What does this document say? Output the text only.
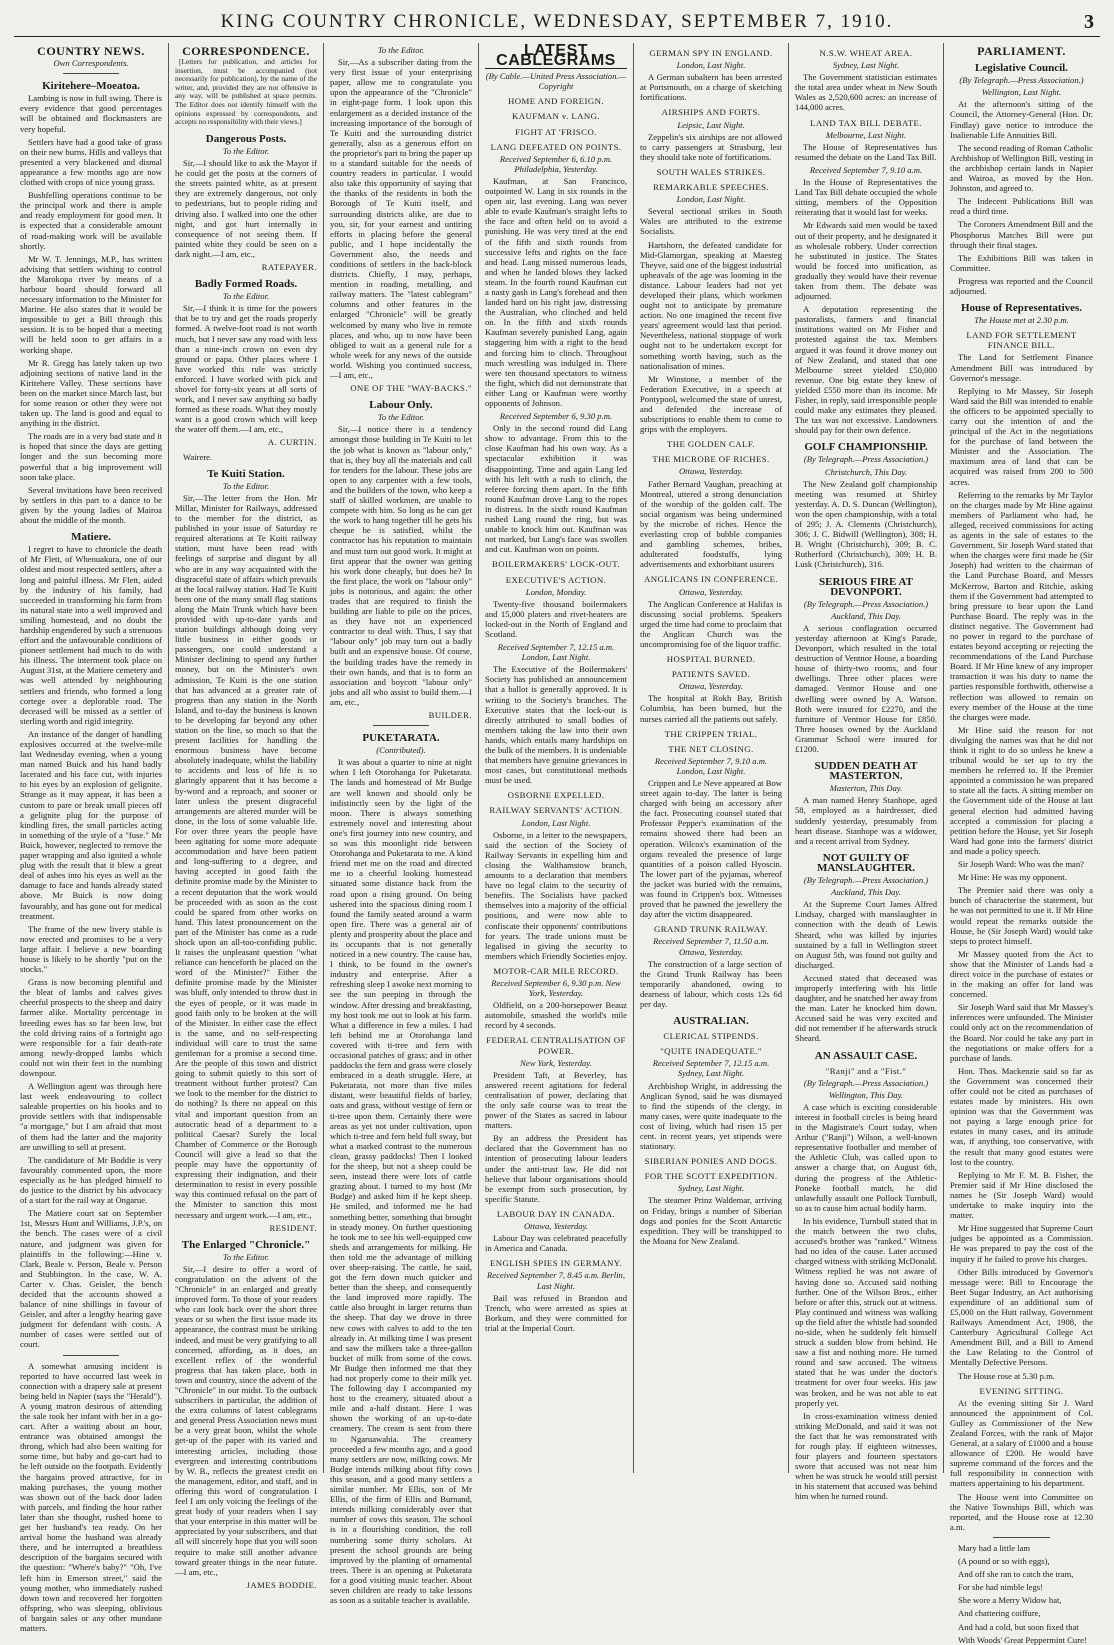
KING COUNTRY CHRONICLE, WEDNESDAY, SEPTEMBER 7, 1910.	3
COUNTRY NEWS.

Own Correspondents.

Kiritehere–Moeatoa.

Lambing is now in full swing. There is every evidence that good percentages will be obtained and flockmasters are very hopeful.

Settlers have had a good take of grass on their new burns. Hills and valleys that presented a very blackened and dismal appearance a few months ago are now clothed with crops of nice young grass.

Bushfelling operations continue to be the principal work and there is ample and ready employment for good men. It is expected that a considerable amount of road-making work will be available shortly.

Mr W. T. Jennings, M.P., has written advising that settlers wishing to control the Marokopa river by means of a harbour board should forward all necessary information to the Minister for Marine. He also states that it would be impossible to get a Bill through this session. It is to be hoped that a meeting will be held soon to get affairs in a working shape.

Mr R. Gregg has lately taken up two adjoining sections of native land in the Kiritehere Valley. These sections have been on the market since March last, but for some reason or other they were not taken up. The land is good and equal to anything in the district.

The roads are in a very bad state and it is hoped that since the days are getting longer and the sun becoming more powerful that a big improvement will soon take place.

Several invitations have been received by settlers in this part to a dance to be given by the young ladies of Mairoa about the middle of the month.

Matiere.

I regret to have to chronicle the death of Mr Flett, of Whenuakura, one of our oldest and most respected settlers, after a long and painful illness. Mr Flett, aided by the industry of his family, had succeeded in transforming his farm from its natural state into a well improved and smiling homestead, and no doubt the hardship engendered by such a strenuous effort and the unfavourable conditions of pioneer settlement had much to do with his illness. The interment took place on August 31st, at the Matiere cemetery and was well attended by neighbouring settlers and friends, who formed a long cortege over a deplorable road. The deceased will be missed as a settler of sterling worth and rigid integrity.

An instance of the danger of handling explosives occurred at the twelve-mile last Wednesday evening, when a young man named Buick and his hand badly lacerated and his face cut, with injuries to his eyes by an explosion of gelignite. Strange as it may appear, it has been a custom to pare or break small pieces off a gelignite plug for the purpose of kindling fires, the small particles acting in something of the style of a "fuse." Mr Buick, however, neglected to remove the paper wrapping and also ignited a whole plug with the result that it blew a great deal of ashes into his eyes as well as the damage to face and hands already stated above. Mr Buick is now doing favourably, and has gone out for medical treatment.

The frame of the new livery stable is now erected and promises to be a very large affair. I believe a new boarding house is likely to be shortly "put on the stocks."

Grass is now becoming plentiful and the bleat of lambs and calves gives cheerful prospects to the sheep and dairy farmer alike. Mortality percentage in breeding ewes has so far been low, but the cold driving rains of a fortnight ago were responsible for a fair death-rate among newly-dropped lambs which could not win their feet in the numbing downpour.

A Wellington agent was through here last week endeavouring to collect saleable properties on his books and to provide settlers with that indispensable "a mortgage," but I am afraid that most of them had the latter and the majority are unwilling to sell at present.

The candidature of Mr Boddie is very favourably commented upon, the more especially as he has pledged himself to do justice to the district by his advocacy of a start for the rail way at Ongarue.

The Matiere court sat on September 1st, Messrs Hunt and Williams, J.P.'s, on the bench. The cases were of a civil nature, and judgment was given for plaintiffs in the following:—Hine v. Clark, Beale v. Person, Beale v. Person and Stubbington. In the case, W. A. Carter v. Chas. Geisler, the bench decided that the accounts showed a balance of nine shillings in favour of Geisler, and after a lengthy hearing gave judgment for defendant with costs. A number of cases were settled out of court.

A somewhat amusing incident is reported to have occurred last week in connection with a drapery sale at present being held in Napier (says the "Herald"). A young matron desirous of attending the sale took her infant with her in a go-cart. After a waiting about an hour, entrance was obtained amongst the throng, which had also been waiting for some time, but baby and go-cart had to be left outside on the footpath. Evidently the bargains proved attractive, for in making purchases, the young mother was shown out of the back door laden with parcels, and finding the hour rather later than she thought, rushed home to get her husband's tea ready. On her arrival home the husband was already there, and he interrupted a breathless description of the bargains secured with the question: "Where's baby?" "Oh, I've left him in Emerson street," said the young mother, who immediately rushed down town and recovered her forgotten offspring, who was sleeping, oblivious of bargain sales or any other mundane matters.

CORRESPONDENCE.

[Letters for publication, and articles for insertion, must be accompanied (not necessarily for publication), by the name of the writer, and, provided they are not offensive in any way, will be published at space permits. The Editor does not identify himself with the opinions expressed by correspondents, and accepts no responsibility with their views.]

Dangerous Posts.

To the Editor.

Sir,—I should like to ask the Mayor if he could get the posts at the corners of the streets painted white, as at present they are extremely dangerous, not only to pedestrians, but to people riding and driving also. I walked into one the other night, and got hurt internally in consequence of not seeing them. If painted white they could be seen on a dark night.—I am, etc.,

RATEPAYER.

Badly Formed Roads.

To the Editor.

Sir,—I think it is time for the powers that be to try and get the roads properly formed. A twelve-foot road is not worth much, but I never saw any road with less than a nine-inch crown on even dry ground or papa. Other places where I have worked this rule was strictly enforced. I have worked with pick and shovel for forty-six years at all sorts of work, and I never saw anything so badly formed as these roads. What they mostly want is a good crown which will keep the water off them.—I am, etc.,

A. CURTIN.

Wairere.

Te Kuiti Station.

To the Editor.

Sir,—The letter from the Hon. Mr Millar, Minister for Railways, addressed to the member for the district, as published in your issue of Saturday re required alterations at Te Kuiti railway station, must have been read with feelings of surprise and disgust by all who are in any way acquainted with the disgraceful state of affairs which prevails at the local railway station. Had Te Kuiti been one of the many small flag stations along the Main Trunk which have been provided with up-to-date yards and station buildings although doing very little business in either goods or passengers, one could understand a Minister declining to spend any further money, but on the Minister's own admission, Te Kuiti is the one station that has advanced at a greater rate of progress than any station in the North Island, and to-day the business is known to be developing far beyond any other station on the line, so much so that the present facilities for handling the enormous business have become absolutely inadequate, whilst the liability to accidents and loss of life is so glaringly apparent that it has become a by-word and a reproach, and sooner or later unless the present disgraceful arrangements are altered murder will be done, in the loss of some valuable life. For over three years the people have been agitating for some more adequate accommodation and have been patient and long-suffering to a degree, and having accepted in good faith the definite promise made by the Minister to a recent deputation that the work would be proceeded with as soon as the cost could be spared from other works on hand. This latest pronouncement on the part of the Minister has come as a rude shock upon an all-too-confiding public. It raises the unpleasant question "what reliance can henceforth be placed on the word of the Minister?" Either the definite promise made by the Minister was bluff, only intended to throw dust in the eyes of people, or it was made in good faith only to be broken at the will of the Minister. In either case the effect is the same, and no self-respecting individual will care to trust the same gentleman for a promise a second time. Are the people of this town and district going to submit quietly to this sort of treatment without further protest? Can we look to the member for the district to do nothing? Is there no appeal on this vital and important question from an autocratic head of a department to a political Caesar? Surely the local Chamber of Commerce or the Borough Council will give a lead so that the people may have the opportunity of expressing their indignation, and their determination to resist in every possible way this continued refusal on the part of the Minister to sanction this most necessary and urgent work.—I am, etc.,

RESIDENT.

The Enlarged "Chronicle."

To the Editor.

Sir,—I desire to offer a word of congratulation on the advent of the "Chronicle" in an enlarged and greatly improved form. To those of your readers who can look back over the short three years or so when the first issue made its appearance, the contrast must be striking indeed, and must be very gratifying to all concerned, affording, as it does, an excellent reflex of the wonderful progress that has taken place, both in town and country, since the advent of the "Chronicle" in our midst. To the outback subscribers in particular, the addition of the extra columns of latest cablegrams and general Press Association news must be a very great boon, whilst the whole get-up of the paper with its varied and interesting articles, including those evergreen and interesting contributions by W. B., reflects the greatest credit on the management, editor, and staff, and in offering this word of congratulation I feel I am only voicing the feelings of the great body of your readers when I say that your enterprise in this matter will be appreciated by your subscribers, and that all will sincerely hope that you will soon require to make still another advance toward greater things in the near future.—I am, etc.,

JAMES BODDIE.

To the Editor.

Sir,—As a subscriber dating from the very first issue of your enterprising paper, allow me to congratulate you upon the appearance of the "Chronicle" in eight-page form. I look upon this enlargement as a decided instance of the increasing importance of the borough of Te Kuiti and the surrounding district generally, also as a generous effort on the proprietor's part to bring the paper up to a standard suitable for the needs of country readers in particular. I would also take this opportunity of saying that the thanks of the residents in both the Borough of Te Kuiti itself, and surrounding districts alike, are due to you, sir, for your earnest and untiring efforts in placing before the general public, and I hope incidentally the Government also, the needs and conditions of settlers in the back-block districts. Chiefly, I may, perhaps, mention in roading, metalling, and railway matters. The "latest cablegram" columns and other features in the enlarged "Chronicle" will be greatly welcomed by many who live in remote places, and who, up to now have been obliged to wait as a general rule for a whole week for any news of the outside world. Wishing you continued success,—I am, etc.,

ONE OF THE "WAY-BACKS."

Labour Only.

To the Editor.

Sir,—I notice there is a tendency amongst those building in Te Kuiti to let the job what is known as "labour only," that is, they buy all the materials and call for tenders for the labour. These jobs are open to any carpenter with a few tools, and the builders of the town, who keep a staff of skilled workmen, are unable to compete with him. So long as he can get the work to hang together till he gets his cheque he is satisfied, whilst the contractor has his reputation to maintain and must turn out good work. It might at first appear that the owner was getting his work done cheaply, but does he? In the first place, the work on "labour only" jobs is notorious, and again: the other trades that are required to finish the building are liable to pile on the prices, as they have not an experienced contractor to deal with. Thus, I say that "labour only" job may turn out a badly built and an expensive house. Of course, the building trades have the remedy in their own hands, and that is to form an association and boycott "labour only" jobs and all who assist to build them.—I am, etc.,

BUILDER.

PUKETARATA.

(Contributed).

It was about a quarter to nine at night when I left Otorohanga for Puketarata. The lands and homestead of Mr Budge are well known and should only be indistinctly seen by the light of the moon. There is always something extremely novel and interesting about one's first journey into new country, and so was this moonlight ride between Otorohanga and Puketarata to me. A kind friend met me on the road and directed me to a cheerful looking homestead situated some distance back from the road upon a rising ground. On being ushered into the spacious dining room I found the family seated around a warm open fire. There was a general air of plenty and prosperity about the place and its occupants that is not generally noticed in a new country. The cause has, I think, to be found in the owner's industry and enterprise. After a refreshing sleep I awoke next morning to see the sun peeping in through the window. After dressing and breakfasting, my host took me out to look at his farm. What a difference in few a miles. I had left behind me at Otorohanga land covered with ti-tree and fern with occasional patches of grass; and in other paddocks the fern and grass were closely embraced in a death struggle. Here, at Puketarata, not more than five miles distant, were beautiful fields of barley, oats and grass, without vestige of fern or ti-tree upon them. Certainly there were areas as yet not under cultivation, upon which ti-tree and fern held full sway, but what a marked contrast to the numerous clean, grassy paddocks! Then I looked for the sheep, but not a sheep could be seen, instead there were lots of cattle grazing about. I turned to my host (Mr Budge) and asked him if he kept sheep. He smiled, and informed me he had something better, something that brought in steady money. On further questioning he took me to see his well-equipped cow sheds and arrangements for milking. He then told me the advantage of milking over sheep-raising. The cattle, he said, got the fern down much quicker and better than the sheep, and consequently the land improved more rapidly. The cattle also brought in larger returns than the sheep. That day we drove in three new cows with calves to add to the ten already in. At milking time I was present and saw the milkers take a three-gallon bucket of milk from some of the cows. Mr Budge then informed me that they had not properly come to their milk yet. The following day I accompanied my host to the creamery, situated about a mile and a-half distant. Here I was shown the working of an up-to-date creamery. The cream is sent from there to Ngaruawahia. The creamery proceeded a few months ago, and a good many settlers are now, milking cows. Mr Budge intends milking about fifty cows this season, and a good many settlers a similar number. Mr Ellis, son of Mr Ellis, of the firm of Ellis and Burnand, intends milking considerably over that number of cows this season. The school is in a flourishing condition, the roll numbering some thirty scholars. At present the school grounds are being improved by the planting of ornamental trees. There is an opening at Puketarata for a good visiting music teacher. About seven children are ready to take lessons as soon as a suitable teacher is available.

LATEST CABLEGRAMS

(By Cable.—United Press Association.—Copyright

HOME AND FOREIGN.
KAUFMAN v. LANG.
FIGHT AT 'FRISCO.
LANG DEFEATED ON POINTS.

Received September 6, 6.10 p.m. Philadelphia, Yesterday.

Kaufman, at San Francisco, outpointed W. Lang in six rounds in the open air, last evening. Lang was never able to evade Kaufman's straight lefts to the face and often held on to avoid a punishing. He was very tired at the end of the fifth and sixth rounds from successive lefts and rights on the face and head. Lang missed numerous leads, and when he landed blows they lacked steam. In the fourth round Kaufman cut a nasty gash in Lang's forehead and then landed hard on his right jaw, distressing the Australian, who clinched and held on. In the fifth and sixth rounds Kaufman severely punished Lang, again staggering him with a right to the head and forcing him to clinch. Throughout much wrestling was indulged in. There were ten thousand spectators to witness the fight, which did not demonstrate that either Lang or Kaufman were worthy opponents of Johnson.

Received September 6, 9.30 p.m.

Only in the second round did Lang show to advantage. From this to the close Kaufman had his own way. As a spectacular exhibition it was disappointing. Time and again Lang led with his left with a rush to clinch, the referee forcing them apart. In the fifth round Kaufman drove Lang to the ropes in distress. In the sixth round Kaufman rushed Lang round the ring, but was unable to knock him out. Kaufman was not marked, but Lang's face was swollen and cut. Kaufman won on points.

BOILERMAKERS' LOCK-OUT.
EXECUTIVE'S ACTION.

London, Monday.

Twenty-five thousand boilermakers and 15,000 platers and rivet-heaters are locked-out in the North of England and Scotland.

Received September 7, 12.15 a.m. London, Last Night.

The Executive of the Boilermakers' Society has published an announcement that a ballot is generally approved. It is writing to the Society's branches. The Executive states that the lock-out is directly attributed to small bodies of members taking the law into their own hands, which entails many hardships on the bulk of the members. It is undeniable that members have genuine grievances in most cases, but constitutional methods must be used.

OSBORNE EXPELLED.
RAILWAY SERVANTS' ACTION.

London, Last Night.

Osborne, in a letter to the newspapers, said the section of the Society of Railway Servants in expelling him and closing the Walthamstow branch, amounts to a declaration that members have no legal claim to the security of benefits. The Socialists have packed themselves into a majority of the official positions, and were now able to confiscate their opponents' contributions for years. The trade unions must be legalised in giving the security to members which Friendly Societies enjoy.

MOTOR-CAR MILE RECORD.

Received September 6, 9.30 p.m. New York, Yesterday.

Oldfield, on a 200-horsepower Beauz automobile, smashed the world's mile record by 4 seconds.

FEDERAL CENTRALISATION OF POWER.

New York, Yesterday.

President Taft, at Beverley, has answered recent agitations for federal centralisation of power, declaring that the only safe course was to treat the power of the States as sacred in labour matters.

By an address the President has declared that the Government has no intention of prosecuting labour leaders under the anti-trust law. He did not believe that labour organisations should be exempt from such prosecution, by specific Statute.

LABOUR DAY IN CANADA.

Ottawa, Yesterday.

Labour Day was celebrated peacefully in America and Canada.

ENGLISH SPIES IN GERMANY.

Received September 7, 8.45 a.m. Berlin, Last Night.

Bail was refused in Brandon and Trench, who were arrested as spies at Borkum, and they were committed for trial at the Imperial Court.

GERMAN SPY IN ENGLAND.

London, Last Night.

A German subaltern has been arrested at Portsmouth, on a charge of sketching fortifications.

AIRSHIPS AND FORTS.

Leipsic, Last Night.

Zeppelin's six airships are not allowed to carry passengers at Strasburg, lest they should take note of fortifications.

SOUTH WALES STRIKES.
REMARKABLE SPEECHES.

London, Last Night.

Several sectional strikes in South Wales are attributed to the extreme Socialists.

Hartshorn, the defeated candidate for Mid-Glamorgan, speaking at Maesteg Theyve, said one of the biggest industrial upheavals of the age was looming in the distance. Labour leaders had not yet developed their plans, which workmen ought not to anticipate by premature action. No one imagined the recent five years' agreement would last that period. Nevertheless, national stoppage of work ought not to be undertaken except for something worth having, such as the nationalisation of mines.

Mr Winstone, a member of the Federation Executive, in a speech at Pontypool, welcomed the state of unrest, and defended the increase of subscriptions to enable them to come to grips with the employers.

THE GOLDEN CALF.
THE MICROBE OF RICHES.

Ottawa, Yesterday.

Father Bernard Vaughan, preaching at Montreal, uttered a strong denunciation of the worship of the golden calf. The social organism was being undermined by the microbe of riches. Hence the everlasting crop of bubble companies and gambling schemes, bribes, adulterated foodstuffs, lying advertisements and exhorbitant usurers

ANGLICANS IN CONFERENCE.

Ottawa, Yesterday.

The Anglican Conference at Halifax is discussing social problems. Speakers urged the time had come to proclaim that the Anglican Church was the uncompromising foe of the liquor traffic.

HOSPITAL BURNED.
PATIENTS SAVED.

Ottawa, Yesterday.

The hospital at Rokh Bay, British Columbia, has been burned, but the nurses carried all the patients out safely.

THE CRIPPEN TRIAL.
THE NET CLOSING.

Received September 7, 9.10 a.m. London, Last Night.

Crippen and Le Neve appeared at Bow street again to-day. The latter is being charged with being an accessory after the fact. Prosecuting counsel stated that Professor Pepper's examination of the remains showed there had been an operation. Wilcox's examination of the organs revealed the presence of large quantities of a poison called Hyoscin. The lower part of the pyjamas, whereof the jacket was buried with the remains, was found in Crippen's box. Witnesses proved that he pawned the jewellery the day after the victim disappeared.

GRAND TRUNK RAILWAY.

Received September 7, 11.50 a.m. Ottawa, Yesterday.

The construction of a large section of the Grand Trunk Railway has been temporarily abandoned, owing to dearness of labour, which costs 12s 6d per day.

AUSTRALIAN.
CLERICAL STIPENDS.
"QUITE INADEQUATE."

Received September 7, 12.15 a.m. Sydney, Last Night.

Archbishop Wright, in addressing the Anglican Synod, said he was dismayed to find the stipends of the clergy, in many cases, were quite inadequate to the cost of living, which had risen 15 per cent. in recent years, yet stipends were stationary.

SIBERIAN PONIES AND DOGS.
FOR THE SCOTT EXPEDITION.

Sydney, Last Night.

The steamer Prinz Waldemar, arriving on Friday, brings a number of Siberian dogs and ponies for the Scott Antarctic expedition. They will be transhipped to the Moana for New Zealand.

N.S.W. WHEAT AREA.

Sydney, Last Night.

The Government statistician estimates the total area under wheat in New South Wales as 2,520,600 acres: an increase of 144,000 acres.

LAND TAX BILL DEBATE.

Melbourne, Last Night.

The House of Representatives has resumed the debate on the Land Tax Bill.

Received September 7, 9.10 a.m.

In the House of Representatives the Land Tax Bill debate occupied the whole sitting, members of the Opposition reiterating that it would last for weeks.

Mr Edwards said men would be taxed out of their property, and he designated it as wholesale robbery. Under correction he substituted in justice. The States would be forced into unification, as gradually they would have their revenue taken from them. The debate was adjourned.

A deputation representing the pastoralists, farmers and financial institutions waited on Mr Fisher and protested against the tax. Members argued it was found it drove money out of New Zealand, and stated that one Melbourne street yielded £50,000 revenue. One big estate they knew of yielded £550 more than its income. Mr Fisher, in reply, said irresponsible people could make any estimates they pleased. The tax was not excessive. Landowners should pay for their own defence.

GOLF CHAMPIONSHIP.

(By Telegraph.—Press Association.)

Christchurch, This Day.

The New Zealand golf championship meeting was resumed at Shirley yesterday. A. D. S. Duncan (Wellington), won the open championship, with a total of 295; J. A. Clements (Christchurch), 306; J. C. Bidwill (Wellington), 308; H. B. Wright (Christchurch), 309; B. C. Rutherford (Christchurch), 309; H. B. Lusk (Christchurch), 316.

SERIOUS FIRE AT DEVONPORT.

(By Telegraph.—Press Association.)

Auckland, This Day.

A serious conflagration occurred yesterday afternoon at King's Parade, Devonport, which resulted in the total destruction of Ventnor House, a boarding house of thirty-two rooms, and four dwellings. Three other places were damaged. Ventnor House and one dwelling were owned by A. Watson. Both were insured for £2270, and the furniture of Ventnor House for £850. Three houses owned by the Auckland Grammar School were insured for £1200.

SUDDEN DEATH AT MASTERTON.

Masterton, This Day.

A man named Henry Stanhope, aged 58, employed as a hairdresser, died suddenly yesterday, presumably from heart disease. Stanhope was a widower, and a recent arrival from Sydney.

NOT GUILTY OF MANSLAUGHTER.

(By Telegraph.—Press Association.)

Auckland, This Day.

At the Supreme Court James Alfred Lindsay, charged with manslaughter in connection with the death of Lewis Sheard, who was killed by injuries sustained by a fall in Wellington street on August 5th, was found not guilty and discharged.

Accused stated that deceased was improperly interfering with his little daughter, and he snatched her away from the man. Later he knocked him down. Accused said he was very excited and did not remember if he afterwards struck Sheard.

AN ASSAULT CASE.
"Ranji" and a "Fist."

(By Telegraph.—Press Association.)

Wellington, This Day.

A case which is exciting considerable interest in football circles is being heard in the Magistrate's Court today, when Arthur ("Ranji") Wilson, a well-known representative footballer and member of the Athletic Club, was called upon to answer a charge that, on August 6th, during the progress of the Athletic-Poneke football match, he did unlawfully assault one Pollock Turnbull, so as to cause him actual bodily harm.

In his evidence, Turnbull stated that in the match between the two clubs, accused's brother was "ranked." Witness had no idea of the cause. Later accused charged witness with striking McDonald. Witness replied he was not aware of having done so. Accused said nothing further. One of the Wilson Bros., either before or after this, struck out at witness. Play continued and witness was walking up the field after the whistle had sounded no-side, when he suddenly felt himself struck a sudden blow from behind. He saw a fist and nothing more. He turned round and saw accused. The witness stated that he was under the doctor's treatment for over four weeks. His jaw was broken, and he was not able to eat properly yet.

In cross-examination witness denied striking McDonald, and said it was not the fact that he was remonstrated with for rough play. If eighteen witnesses, four players and fourteen spectators swore that accused was not near him when he was struck he would still persist in his statement that accused was behind him when he turned round.

PARLIAMENT.
Legislative Council.

(By Telegraph.—Press Association.)

Wellington, Last Night.

At the afternoon's sitting of the Council, the Attorney-General (Hon. Dr. Findlay) gave notice to introduce the Inalienable Life Annuities Bill.

The second reading of Roman Catholic Archbishop of Wellington Bill, vesting in the archbishop certain lands in Napier and Wairoa, as moved by the Hon. Johnston, and agreed to.

The Indecent Publications Bill was read a third time.

The Coroners Amendment Bill and the Phosphorus Matches Bill were put through their final stages.

The Exhibitions Bill was taken in Committee.

Progress was reported and the Council adjourned.

House of Representatives.

The House met at 2.30 p.m.

LAND FOR SETTLEMENT FINANCE BILL.

The Land for Settlement Finance Amendment Bill was introduced by Governor's message.

Replying to Mr Massey, Sir Joseph Ward said the Bill was intended to enable the officers to be appointed specially to carry out the intention of and the principal of the Act in the negotiations for the purchase of land between the Minister and the Association. The maximum area of land that can be acquired was raised from 200 to 500 acres.

Referring to the remarks by Mr Taylor on the charges made by Mr Hine against members of Parliament who had, he alleged, received commissions for acting as agents in the sale of estates to the Government, Sir Joseph Ward stated that when the charges were first made he (Sir Joseph) had written to the chairman of the Land Purchase Board, and Messrs McKerrow, Barton and Ritchie, asking them if the Government had attempted to bring pressure to bear upon the Land Purchase Board. The reply was in the distinct negative. The Government had no power in regard to the purchase of estates beyond accepting or rejecting the recommendations of the Land Purchase Board. If Mr Hine knew of any improper transaction it was his duty to name the parties responsible forthwith, otherwise a reflection was allowed to remain on every member of the House at the time the charges were made.

Mr Hine said the reason for not divulging the names was that he did not think it right to do so unless he knew a tribunal would be set up to try the members he referred to. If the Premier appointed a commission he was prepared to state all the facts. A sitting member on the Government side of the House at last general election had admitted having accepted a commission for placing a petition before the House, yet Sir Joseph Ward had gone into the farmers' district and made a policy speech.

Sir Joseph Ward: Who was the man?

Mr Hine: He was my opponent.

The Premier said there was only a bunch of characterise the statement, but he was not permitted to use it. If Mr Hine would repeat the remarks outside the House, he (Sir Joseph Ward) would take steps to protect himself.

Mr Massey quoted from the Act to show that the Minister of Lands had a direct voice in the purchase of estates or in the making an offer for land was concerned.

Sir Joseph Ward said that Mr Massey's inferences were unfounded. The Minister could only act on the recommendation of the Board. Nor could he take any part in the negotiations or make offers for a purchase of lands.

Hon. Thos. Mackenzie said so far as the Government was concerned their offer could not be cited as purchases of estates made by ministers. His own opinion was that the Government was not paying a large enough price for estates in many cases, and its attitude was, if anything, too conservative, with the result that many good estates were lost to the country.

Replying to Mr F. M. B. Fisher, the Premier said if Mr Hine disclosed the names he (Sir Joseph Ward) would undertake to make inquiry into the matter.

Mr Hine suggested that Supreme Court judges be appointed as a Commission. He was prepared to pay the cost of the inquiry if he failed to prove his charges.

Other Bills introduced by Governor's message were: Bill to Encourage the Beet Sugar Industry, an Act authorising expenditure of an additional sum of £5,000 on the Hutt railway, Government Railways Amendment Act, 1908, the Canterbury Agricultural College Act Amendment Bill, and a Bill to Amend the Law Relating to the Control of Mentally Defective Persons.

The House rose at 5.30 p.m.

EVENING SITTING.

At the evening sitting Sir J. Ward announced the appointment of Col. Gulley as Commissioner of the New Zealand Forces, with the rank of Major General, at a salary of £1000 and a house allowance of £200. He would have supreme command of the forces and the full responsibility in connection with matters appertaining to his department.

The House went into Committee on the Native Townships Bill, which was reported, and the House rose at 12.30 a.m.

Mary had a little lam

(A pound or so with eggs),

And off she ran to catch the tram,

For she had nimble legs!

She wore a Merry Widow hat,

And chattering coiffure,

And had a cold, but soon fixed that

With Woods' Great Peppermint Cure!
